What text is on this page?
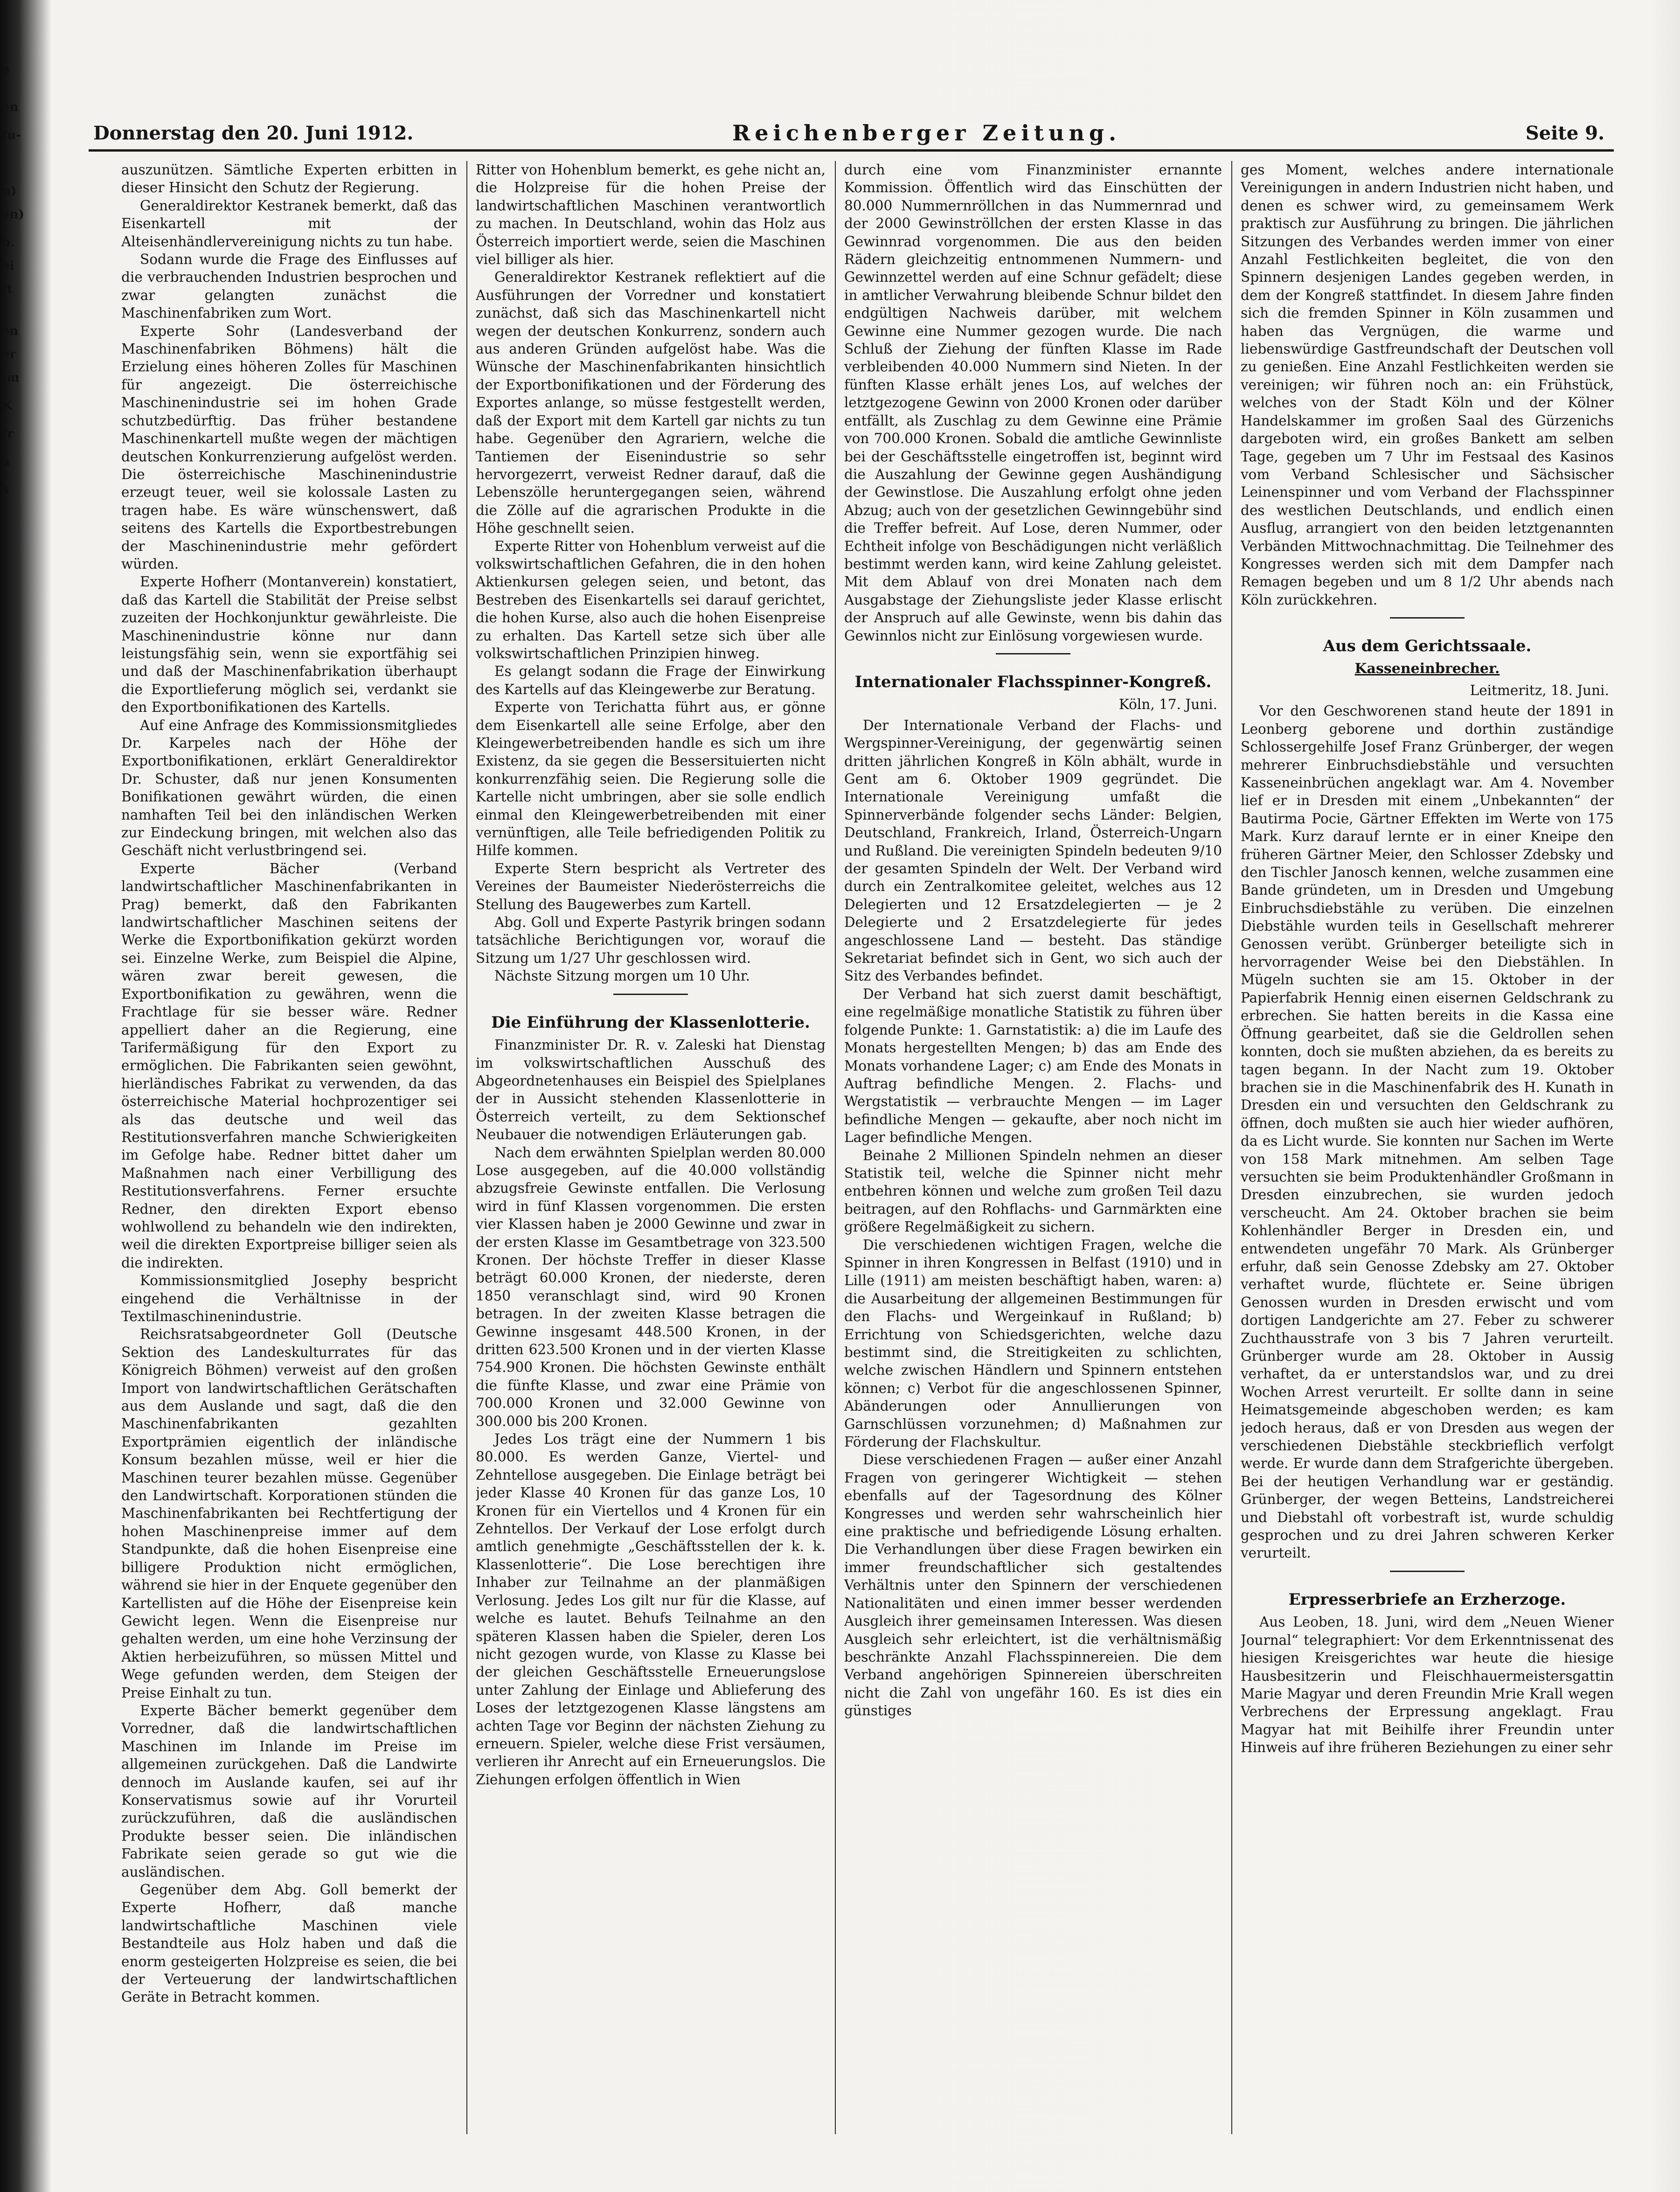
e
en
fu-
n)
en)
b.
ei
ft
en
er
im
K
fr
a
s
Donnerstag den 20. Juni 1912.	Reichenberger Zeitung.	Seite 9.

auszunützen. Sämtliche Experten erbitten in dieser Hinsicht den Schutz der Regierung.

Generaldirektor Kestranek bemerkt, daß das Eisenkartell mit der Alteisenhändlervereinigung nichts zu tun habe.

Sodann wurde die Frage des Einflusses auf die verbrauchenden Industrien besprochen und zwar gelangten zunächst die Maschinenfabriken zum Wort.

Experte Sohr (Landesverband der Maschinenfabriken Böhmens) hält die Erzielung eines höheren Zolles für Maschinen für angezeigt. Die österreichische Maschinenindustrie sei im hohen Grade schutzbedürftig. Das früher bestandene Maschinenkartell mußte wegen der mächtigen deutschen Konkurrenzierung aufgelöst werden. Die österreichische Maschinenindustrie erzeugt teuer, weil sie kolossale Lasten zu tragen habe. Es wäre wünschenswert, daß seitens des Kartells die Exportbestrebungen der Maschinenindustrie mehr gefördert würden.

Experte Hofherr (Montanverein) konstatiert, daß das Kartell die Stabilität der Preise selbst zuzeiten der Hochkonjunktur gewährleiste. Die Maschinenindustrie könne nur dann leistungsfähig sein, wenn sie exportfähig sei und daß der Maschinenfabrikation überhaupt die Exportlieferung möglich sei, verdankt sie den Exportbonifikationen des Kartells.

Auf eine Anfrage des Kommissionsmitgliedes Dr. Karpeles nach der Höhe der Exportbonifikationen, erklärt Generaldirektor Dr. Schuster, daß nur jenen Konsumenten Bonifikationen gewährt würden, die einen namhaften Teil bei den inländischen Werken zur Eindeckung bringen, mit welchen also das Geschäft nicht verlustbringend sei.

Experte Bächer (Verband landwirtschaftlicher Maschinenfabrikanten in Prag) bemerkt, daß den Fabrikanten landwirtschaftlicher Maschinen seitens der Werke die Exportbonifikation gekürzt worden sei. Einzelne Werke, zum Beispiel die Alpine, wären zwar bereit gewesen, die Exportbonifikation zu gewähren, wenn die Frachtlage für sie besser wäre. Redner appelliert daher an die Regierung, eine Tarifermäßigung für den Export zu ermöglichen. Die Fabrikanten seien gewöhnt, hierländisches Fabrikat zu verwenden, da das österreichische Material hochprozentiger sei als das deutsche und weil das Restitutionsverfahren manche Schwierigkeiten im Gefolge habe. Redner bittet daher um Maßnahmen nach einer Verbilligung des Restitutionsverfahrens. Ferner ersuchte Redner, den direkten Export ebenso wohlwollend zu behandeln wie den indirekten, weil die direkten Exportpreise billiger seien als die indirekten.

Kommissionsmitglied Josephy bespricht eingehend die Verhältnisse in der Textilmaschinenindustrie.

Reichsratsabgeordneter Goll (Deutsche Sektion des Landeskulturrates für das Königreich Böhmen) verweist auf den großen Import von landwirtschaftlichen Gerätschaften aus dem Auslande und sagt, daß die den Maschinenfabrikanten gezahlten Exportprämien eigentlich der inländische Konsum bezahlen müsse, weil er hier die Maschinen teurer bezahlen müsse. Gegenüber den Landwirtschaft. Korporationen stünden die Maschinenfabrikanten bei Rechtfertigung der hohen Maschinenpreise immer auf dem Standpunkte, daß die hohen Eisenpreise eine billigere Produktion nicht ermöglichen, während sie hier in der Enquete gegenüber den Kartellisten auf die Höhe der Eisenpreise kein Gewicht legen. Wenn die Eisenpreise nur gehalten werden, um eine hohe Verzinsung der Aktien herbeizuführen, so müssen Mittel und Wege gefunden werden, dem Steigen der Preise Einhalt zu tun.

Experte Bächer bemerkt gegenüber dem Vorredner, daß die landwirtschaftlichen Maschinen im Inlande im Preise im allgemeinen zurückgehen. Daß die Landwirte dennoch im Auslande kaufen, sei auf ihr Konservatismus sowie auf ihr Vorurteil zurückzuführen, daß die ausländischen Produkte besser seien. Die inländischen Fabrikate seien gerade so gut wie die ausländischen.

Gegenüber dem Abg. Goll bemerkt der Experte Hofherr, daß manche landwirtschaftliche Maschinen viele Bestandteile aus Holz haben und daß die enorm gesteigerten Holzpreise es seien, die bei der Verteuerung der landwirtschaftlichen Geräte in Betracht kommen.

Ritter von Hohenblum bemerkt, es gehe nicht an, die Holzpreise für die hohen Preise der landwirtschaftlichen Maschinen verantwortlich zu machen. In Deutschland, wohin das Holz aus Österreich importiert werde, seien die Maschinen viel billiger als hier.

Generaldirektor Kestranek reflektiert auf die Ausführungen der Vorredner und konstatiert zunächst, daß sich das Maschinenkartell nicht wegen der deutschen Konkurrenz, sondern auch aus anderen Gründen aufgelöst habe. Was die Wünsche der Maschinenfabrikanten hinsichtlich der Exportbonifikationen und der Förderung des Exportes anlange, so müsse festgestellt werden, daß der Export mit dem Kartell gar nichts zu tun habe. Gegenüber den Agrariern, welche die Tantiemen der Eisenindustrie so sehr hervorgezerrt, verweist Redner darauf, daß die Lebenszölle heruntergegangen seien, während die Zölle auf die agrarischen Produkte in die Höhe geschnellt seien.

Experte Ritter von Hohenblum verweist auf die volkswirtschaftlichen Gefahren, die in den hohen Aktienkursen gelegen seien, und betont, das Bestreben des Eisenkartells sei darauf gerichtet, die hohen Kurse, also auch die hohen Eisenpreise zu erhalten. Das Kartell setze sich über alle volkswirtschaftlichen Prinzipien hinweg.

Es gelangt sodann die Frage der Einwirkung des Kartells auf das Kleingewerbe zur Beratung.

Experte von Terichatta führt aus, er gönne dem Eisenkartell alle seine Erfolge, aber den Kleingewerbetreibenden handle es sich um ihre Existenz, da sie gegen die Bessersituierten nicht konkurrenzfähig seien. Die Regierung solle die Kartelle nicht umbringen, aber sie solle endlich einmal den Kleingewerbetreibenden mit einer vernünftigen, alle Teile befriedigenden Politik zu Hilfe kommen.

Experte Stern bespricht als Vertreter des Vereines der Baumeister Niederösterreichs die Stellung des Baugewerbes zum Kartell.

Abg. Goll und Experte Pastyrik bringen sodann tatsächliche Berichtigungen vor, worauf die Sitzung um 1/27 Uhr geschlossen wird.

Nächste Sitzung morgen um 10 Uhr.

Die Einführung der Klassenlotterie.

Finanzminister Dr. R. v. Zaleski hat Dienstag im volkswirtschaftlichen Ausschuß des Abgeordnetenhauses ein Beispiel des Spielplanes der in Aussicht stehenden Klassenlotterie in Österreich verteilt, zu dem Sektionschef Neubauer die notwendigen Erläuterungen gab.

Nach dem erwähnten Spielplan werden 80.000 Lose ausgegeben, auf die 40.000 vollständig abzugsfreie Gewinste entfallen. Die Verlosung wird in fünf Klassen vorgenommen. Die ersten vier Klassen haben je 2000 Gewinne und zwar in der ersten Klasse im Gesamtbetrage von 323.500 Kronen. Der höchste Treffer in dieser Klasse beträgt 60.000 Kronen, der niederste, deren 1850 veranschlagt sind, wird 90 Kronen betragen. In der zweiten Klasse betragen die Gewinne insgesamt 448.500 Kronen, in der dritten 623.500 Kronen und in der vierten Klasse 754.900 Kronen. Die höchsten Gewinste enthält die fünfte Klasse, und zwar eine Prämie von 700.000 Kronen und 32.000 Gewinne von 300.000 bis 200 Kronen.

Jedes Los trägt eine der Nummern 1 bis 80.000. Es werden Ganze, Viertel- und Zehntellose ausgegeben. Die Einlage beträgt bei jeder Klasse 40 Kronen für das ganze Los, 10 Kronen für ein Viertellos und 4 Kronen für ein Zehntellos. Der Verkauf der Lose erfolgt durch amtlich genehmigte „Geschäftsstellen der k. k. Klassenlotterie“. Die Lose berechtigen ihre Inhaber zur Teilnahme an der planmäßigen Verlosung. Jedes Los gilt nur für die Klasse, auf welche es lautet. Behufs Teilnahme an den späteren Klassen haben die Spieler, deren Los nicht gezogen wurde, von Klasse zu Klasse bei der gleichen Geschäftsstelle Erneuerungslose unter Zahlung der Einlage und Ablieferung des Loses der letztgezogenen Klasse längstens am achten Tage vor Beginn der nächsten Ziehung zu erneuern. Spieler, welche diese Frist versäumen, verlieren ihr Anrecht auf ein Erneuerungslos. Die Ziehungen erfolgen öffentlich in Wien

durch eine vom Finanzminister ernannte Kommission. Öffentlich wird das Einschütten der 80.000 Nummernröllchen in das Nummernrad und der 2000 Gewinströllchen der ersten Klasse in das Gewinnrad vorgenommen. Die aus den beiden Rädern gleichzeitig entnommenen Nummern- und Gewinnzettel werden auf eine Schnur gefädelt; diese in amtlicher Verwahrung bleibende Schnur bildet den endgültigen Nachweis darüber, mit welchem Gewinne eine Nummer gezogen wurde. Die nach Schluß der Ziehung der fünften Klasse im Rade verbleibenden 40.000 Nummern sind Nieten. In der fünften Klasse erhält jenes Los, auf welches der letztgezogene Gewinn von 2000 Kronen oder darüber entfällt, als Zuschlag zu dem Gewinne eine Prämie von 700.000 Kronen. Sobald die amtliche Gewinnliste bei der Geschäftsstelle eingetroffen ist, beginnt wird die Auszahlung der Gewinne gegen Aushändigung der Gewinstlose. Die Auszahlung erfolgt ohne jeden Abzug; auch von der gesetzlichen Gewinngebühr sind die Treffer befreit. Auf Lose, deren Nummer, oder Echtheit infolge von Beschädigungen nicht verläßlich bestimmt werden kann, wird keine Zahlung geleistet. Mit dem Ablauf von drei Monaten nach dem Ausgabstage der Ziehungsliste jeder Klasse erlischt der Anspruch auf alle Gewinste, wenn bis dahin das Gewinnlos nicht zur Einlösung vorgewiesen wurde.

Internationaler Flachsspinner-Kongreß.
Köln, 17. Juni.

Der Internationale Verband der Flachs- und Wergspinner-Vereinigung, der gegenwärtig seinen dritten jährlichen Kongreß in Köln abhält, wurde in Gent am 6. Oktober 1909 gegründet. Die Internationale Vereinigung umfaßt die Spinnerverbände folgender sechs Länder: Belgien, Deutschland, Frankreich, Irland, Österreich-Ungarn und Rußland. Die vereinigten Spindeln bedeuten 9/10 der gesamten Spindeln der Welt. Der Verband wird durch ein Zentralkomitee geleitet, welches aus 12 Delegierten und 12 Ersatzdelegierten — je 2 Delegierte und 2 Ersatzdelegierte für jedes angeschlossene Land — besteht. Das ständige Sekretariat befindet sich in Gent, wo sich auch der Sitz des Verbandes befindet.

Der Verband hat sich zuerst damit beschäftigt, eine regelmäßige monatliche Statistik zu führen über folgende Punkte: 1. Garnstatistik: a) die im Laufe des Monats hergestellten Mengen; b) das am Ende des Monats vorhandene Lager; c) am Ende des Monats in Auftrag befindliche Mengen. 2. Flachs- und Wergstatistik — verbrauchte Mengen — im Lager befindliche Mengen — gekaufte, aber noch nicht im Lager befindliche Mengen.

Beinahe 2 Millionen Spindeln nehmen an dieser Statistik teil, welche die Spinner nicht mehr entbehren können und welche zum großen Teil dazu beitragen, auf den Rohflachs- und Garnmärkten eine größere Regelmäßigkeit zu sichern.

Die verschiedenen wichtigen Fragen, welche die Spinner in ihren Kongressen in Belfast (1910) und in Lille (1911) am meisten beschäftigt haben, waren: a) die Ausarbeitung der allgemeinen Bestimmungen für den Flachs- und Wergeinkauf in Rußland; b) Errichtung von Schiedsgerichten, welche dazu bestimmt sind, die Streitigkeiten zu schlichten, welche zwischen Händlern und Spinnern entstehen können; c) Verbot für die angeschlossenen Spinner, Abänderungen oder Annullierungen von Garnschlüssen vorzunehmen; d) Maßnahmen zur Förderung der Flachskultur.

Diese verschiedenen Fragen — außer einer Anzahl Fragen von geringerer Wichtigkeit — stehen ebenfalls auf der Tagesordnung des Kölner Kongresses und werden sehr wahrscheinlich hier eine praktische und befriedigende Lösung erhalten. Die Verhandlungen über diese Fragen bewirken ein immer freundschaftlicher sich gestaltendes Verhältnis unter den Spinnern der verschiedenen Nationalitäten und einen immer besser werdenden Ausgleich ihrer gemeinsamen Interessen. Was diesen Ausgleich sehr erleichtert, ist die verhältnismäßig beschränkte Anzahl Flachsspinnereien. Die dem Verband angehörigen Spinnereien überschreiten nicht die Zahl von ungefähr 160. Es ist dies ein günstiges

ges Moment, welches andere internationale Vereinigungen in andern Industrien nicht haben, und denen es schwer wird, zu gemeinsamem Werk praktisch zur Ausführung zu bringen. Die jährlichen Sitzungen des Verbandes werden immer von einer Anzahl Festlichkeiten begleitet, die von den Spinnern desjenigen Landes gegeben werden, in dem der Kongreß stattfindet. In diesem Jahre finden sich die fremden Spinner in Köln zusammen und haben das Vergnügen, die warme und liebenswürdige Gastfreundschaft der Deutschen voll zu genießen. Eine Anzahl Festlichkeiten werden sie vereinigen; wir führen noch an: ein Frühstück, welches von der Stadt Köln und der Kölner Handelskammer im großen Saal des Gürzenichs dargeboten wird, ein großes Bankett am selben Tage, gegeben um 7 Uhr im Festsaal des Kasinos vom Verband Schlesischer und Sächsischer Leinenspinner und vom Verband der Flachsspinner des westlichen Deutschlands, und endlich einen Ausflug, arrangiert von den beiden letztgenannten Verbänden Mittwochnachmittag. Die Teilnehmer des Kongresses werden sich mit dem Dampfer nach Remagen begeben und um 8 1/2 Uhr abends nach Köln zurückkehren.

Aus dem Gerichtssaale.
Kasseneinbrecher.
Leitmeritz, 18. Juni.

Vor den Geschworenen stand heute der 1891 in Leonberg geborene und dorthin zuständige Schlossergehilfe Josef Franz Grünberger, der wegen mehrerer Einbruchsdiebstähle und versuchten Kasseneinbrüchen angeklagt war. Am 4. November lief er in Dresden mit einem „Unbekannten“ der Bautirma Pocie, Gärtner Effekten im Werte von 175 Mark. Kurz darauf lernte er in einer Kneipe den früheren Gärtner Meier, den Schlosser Zdebsky und den Tischler Janosch kennen, welche zusammen eine Bande gründeten, um in Dresden und Umgebung Einbruchsdiebstähle zu verüben. Die einzelnen Diebstähle wurden teils in Gesellschaft mehrerer Genossen verübt. Grünberger beteiligte sich in hervorragender Weise bei den Diebstählen. In Mügeln suchten sie am 15. Oktober in der Papierfabrik Hennig einen eisernen Geldschrank zu erbrechen. Sie hatten bereits in die Kassa eine Öffnung gearbeitet, daß sie die Geldrollen sehen konnten, doch sie mußten abziehen, da es bereits zu tagen begann. In der Nacht zum 19. Oktober brachen sie in die Maschinenfabrik des H. Kunath in Dresden ein und versuchten den Geldschrank zu öffnen, doch mußten sie auch hier wieder aufhören, da es Licht wurde. Sie konnten nur Sachen im Werte von 158 Mark mitnehmen. Am selben Tage versuchten sie beim Produktenhändler Großmann in Dresden einzubrechen, sie wurden jedoch verscheucht. Am 24. Oktober brachen sie beim Kohlenhändler Berger in Dresden ein, und entwendeten ungefähr 70 Mark. Als Grünberger erfuhr, daß sein Genosse Zdebsky am 27. Oktober verhaftet wurde, flüchtete er. Seine übrigen Genossen wurden in Dresden erwischt und vom dortigen Landgerichte am 27. Feber zu schwerer Zuchthausstrafe von 3 bis 7 Jahren verurteilt. Grünberger wurde am 28. Oktober in Aussig verhaftet, da er unterstandslos war, und zu drei Wochen Arrest verurteilt. Er sollte dann in seine Heimatsgemeinde abgeschoben werden; es kam jedoch heraus, daß er von Dresden aus wegen der verschiedenen Diebstähle steckbrieflich verfolgt werde. Er wurde dann dem Strafgerichte übergeben. Bei der heutigen Verhandlung war er geständig. Grünberger, der wegen Betteins, Landstreicherei und Diebstahl oft vorbestraft ist, wurde schuldig gesprochen und zu drei Jahren schweren Kerker verurteilt.

Erpresserbriefe an Erzherzoge.

Aus Leoben, 18. Juni, wird dem „Neuen Wiener Journal“ telegraphiert: Vor dem Erkenntnissenat des hiesigen Kreisgerichtes war heute die hiesige Hausbesitzerin und Fleischhauermeistersgattin Marie Magyar und deren Freundin Mrie Krall wegen Verbrechens der Erpressung angeklagt. Frau Magyar hat mit Beihilfe ihrer Freundin unter Hinweis auf ihre früheren Beziehungen zu einer sehr
